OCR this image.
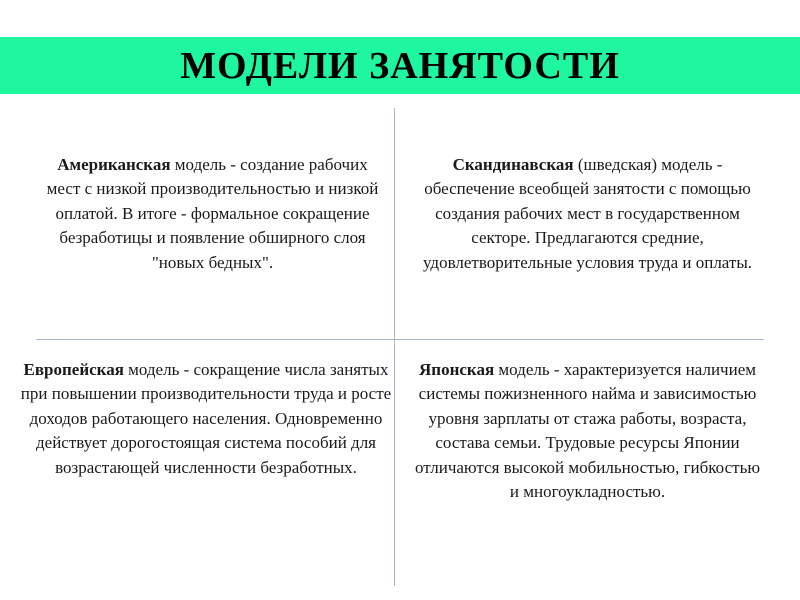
МОДЕЛИ ЗАНЯТОСТИ
Американская модель - создание рабочих мест с низкой производительностью и низкой оплатой. В итоге - формальное сокращение безработицы и появление обширного слоя "новых бедных".
Скандинавская (шведская) модель - обеспечение всеобщей занятости с помощью создания рабочих мест в государственном секторе. Предлагаются средние, удовлетворительные условия труда и оплаты.
Европейская модель - сокращение числа занятых при повышении производительности труда и росте доходов работающего населения. Одновременно действует дорогостоящая система пособий для возрастающей численности безработных.
Японская модель - характеризуется наличием системы пожизненного найма и зависимостью уровня зарплаты от стажа работы, возраста, состава семьи. Трудовые ресурсы Японии отличаются высокой мобильностью, гибкостью и многоукладностью.
